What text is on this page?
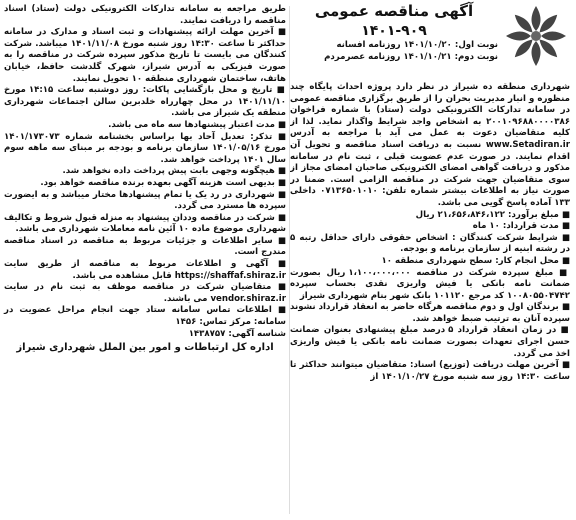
آگهی مناقصه عمومی
۱۴۰۱-۹۰۹
نوبت اول: ۱۴۰۱/۱۰/۲۰ روزنامه افسانه
نوبت دوم: ۱۴۰۱/۱۰/۲۱ روزنامه عصرمردم

شهرداری منطقه ده شیراز در نظر دارد پروژه احداث پایگاه چند منظوره و انبار مدیریت بحران را از طریق برگزاری مناقصه عمومی در سامانه تدارکات الکترونیکی دولت (ستاد) با شماره فراخوان ۲۰۰۱۰۹۶۸۸۰۰۰۰۳۸۶ به اشخاص واجد شرایط واگذار نماید. لذا از کلیه متقاضیان دعوت به عمل می آید با مراجعه به آدرس www.Setadiran.ir نسبت به دریافت اسناد مناقصه و تحویل آن اقدام نمایند. در صورت عدم عضویت قبلی ، ثبت نام در سامانه مذکور و دریافت گواهی امضای الکترونیکی صاحبان امضای مجاز از سوی متقاضیان جهت شرکت در مناقصه الزامی است. ضمنا در صورت نیاز به اطلاعات بیشتر شماره تلفن: ۰۷۱۳۶۵۰۱۰۱۰ داخلی ۱۳۳ آماده پاسخ گویی می باشد.

■ مبلغ برآورد: ۲۱،۶۵۶،۸۴۶،۱۲۲ ریال

■ مدت قرارداد: ۱۰ ماه

■ شرایط شرکت کنندگان : اشخاص حقوقی دارای حداقل رتبه ۵ در رشته ابنیه از سازمان برنامه و بودجه.

■ محل انجام کار: سطح شهرداری منطقه ۱۰

■ مبلغ سپرده شرکت در مناقصه ۱،۱۰۰،۰۰۰،۰۰۰ ریال بصورت ضمانت نامه بانکی یا فیش واریزی نقدی بحساب سپرده ۱۰۰۸۰۵۵۰۴۷۴۲ کد مرجع ۱۰۱۱۲۰ بانک شهر بنام شهرداری شیراز

■ برندگان اول و دوم مناقصه هرگاه حاضر به انعقاد قرارداد نشوند سپرده آنان به ترتیب ضبط خواهد شد.

■ در زمان انعقاد قرارداد ۵ درصد مبلغ پیشنهادی بعنوان ضمانت حسن اجرای تعهدات بصورت ضمانت نامه بانکی یا فیش واریزی اخذ می گردد.

■ آخرین مهلت دریافت (توزیع) اسناد: متقاضیان میتوانند حداکثر تا ساعت ۱۴:۳۰ روز سه شنبه مورخ ۱۴۰۱/۱۰/۲۷ از

طریق مراجعه به سامانه تدارکات الکترونیکی دولت (ستاد) اسناد مناقصه را دریافت نمایند.

■ آخرین مهلت ارائه پیشنهادات و ثبت اسناد و مدارک در سامانه حداکثر تا ساعت ۱۴:۳۰ روز شنبه مورخ ۱۴۰۱/۱۱/۰۸ میباشد. شرکت کنندگان می بایست تا تاریخ مذکور سپرده شرکت در مناقصه را به صورت فیزیکی به آدرس شیراز، شهرک گلدشت حافظ، خیابان هاتف، ساختمان شهرداری منطقه ۱۰ تحویل نمایند.

■ تاریخ و محل بازگشایی پاکات: روز دوشنبه ساعت ۱۴:۱۵ مورخ ۱۴۰۱/۱۱/۱۰ در محل چهارراه خلدبرین سالن اجتماعات شهرداری منطقه یک شیراز می باشد.

■ مدت اعتبار پیشنهادها سه ماه می باشد.

■ تذکر: تعدیل آحاد بها براساس بخشنامه شماره ۱۴۰۱/۱۷۳۰۷۳ مورخ ۱۴۰۱/۰۵/۱۶ سازمان برنامه و بودجه بر مبنای سه ماهه سوم سال ۱۴۰۱ پرداخت خواهد شد.

■ هیچگونه وجهی بابت پیش پرداخت داده نخواهد شد.

■ بدیهی است هزینه آگهی بعهده برنده مناقصه خواهد بود.

■ شهرداری در رد یک یا تمام پیشنهادها مختار میباشد و به ایضورت سپرده ها مسترد می گردد.

■ شرکت در مناقصه وددان پیشنهاد به منزله قبول شروط و تکالیف شهرداری موضوع ماده ۱۰ آئین نامه معاملات شهرداری می باشد.

■ سایر اطلاعات و جزئیات مربوط به مناقصه در اسناد مناقصه مندرج است.

■ آگهی و اطلاعات مربوط به مناقصه از طریق سایت https://shaffaf.shiraz.ir قابل مشاهده می باشد.

■ متقاضیان شرکت در مناقصه موظف به ثبت نام در سایت vendor.shiraz.ir می باشند.

■ اطلاعات تماس سامانه ستاد جهت انجام مراحل عضویت در سامانه: مرکز تماس: ۱۴۵۶

شناسه آگهی: ۱۴۳۸۷۵۷

اداره کل ارتباطات و امور بین الملل شهرداری شیراز
